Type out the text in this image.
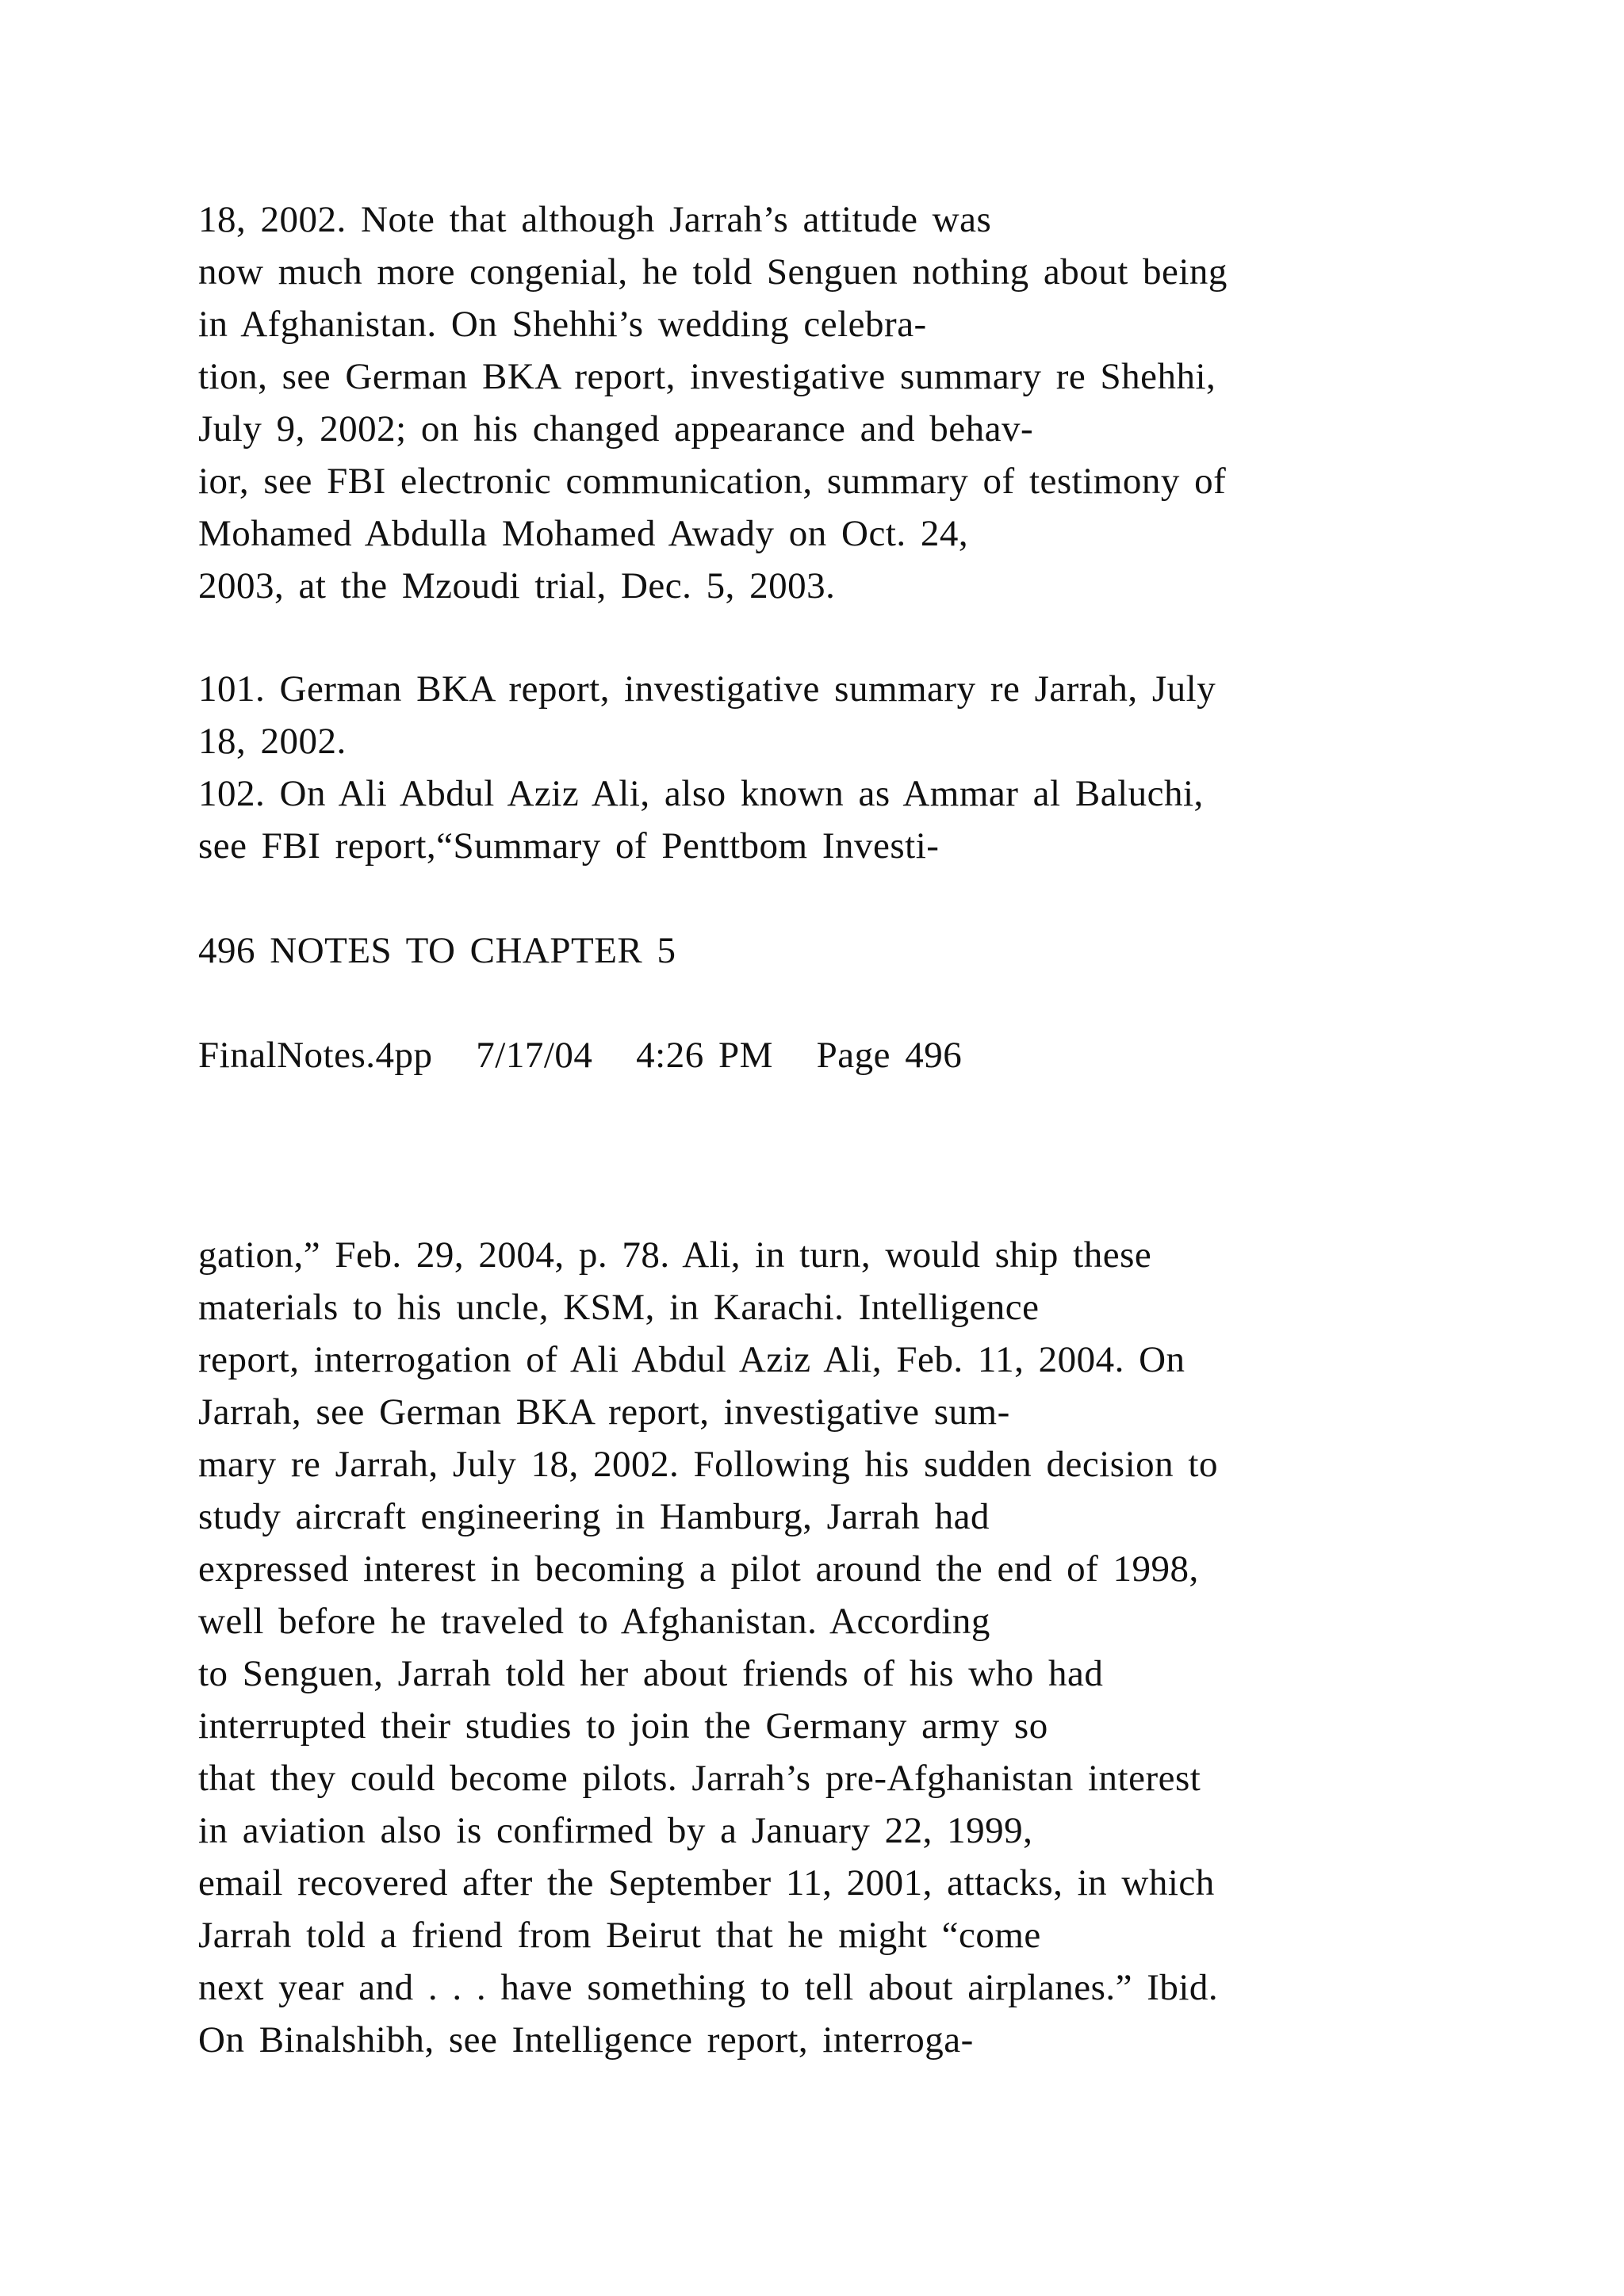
18, 2002. Note that although Jarrah’s attitude was
now much more congenial, he told Senguen nothing about being
in Afghanistan. On Shehhi’s wedding celebra-
tion, see German BKA report, investigative summary re Shehhi,
July 9, 2002; on his changed appearance and behav-
ior, see FBI electronic communication, summary of testimony of
Mohamed Abdulla Mohamed Awady on Oct. 24,
2003, at the Mzoudi trial, Dec. 5, 2003.
101. German BKA report, investigative summary re Jarrah, July
18, 2002.
102. On Ali Abdul Aziz Ali, also known as Ammar al Baluchi,
see FBI report,“Summary of Penttbom Investi-
496 NOTES TO CHAPTER 5
FinalNotes.4pp   7/17/04   4:26 PM   Page 496
gation,” Feb. 29, 2004, p. 78. Ali, in turn, would ship these
materials to his uncle, KSM, in Karachi. Intelligence
report, interrogation of Ali Abdul Aziz Ali, Feb. 11, 2004. On
Jarrah, see German BKA report, investigative sum-
mary re Jarrah, July 18, 2002. Following his sudden decision to
study aircraft engineering in Hamburg, Jarrah had
expressed interest in becoming a pilot around the end of 1998,
well before he traveled to Afghanistan. According
to Senguen, Jarrah told her about friends of his who had
interrupted their studies to join the Germany army so
that they could become pilots. Jarrah’s pre-Afghanistan interest
in aviation also is confirmed by a January 22, 1999,
email recovered after the September 11, 2001, attacks, in which
Jarrah told a friend from Beirut that he might “come
next year and . . . have something to tell about airplanes.” Ibid.
On Binalshibh, see Intelligence report, interroga-
